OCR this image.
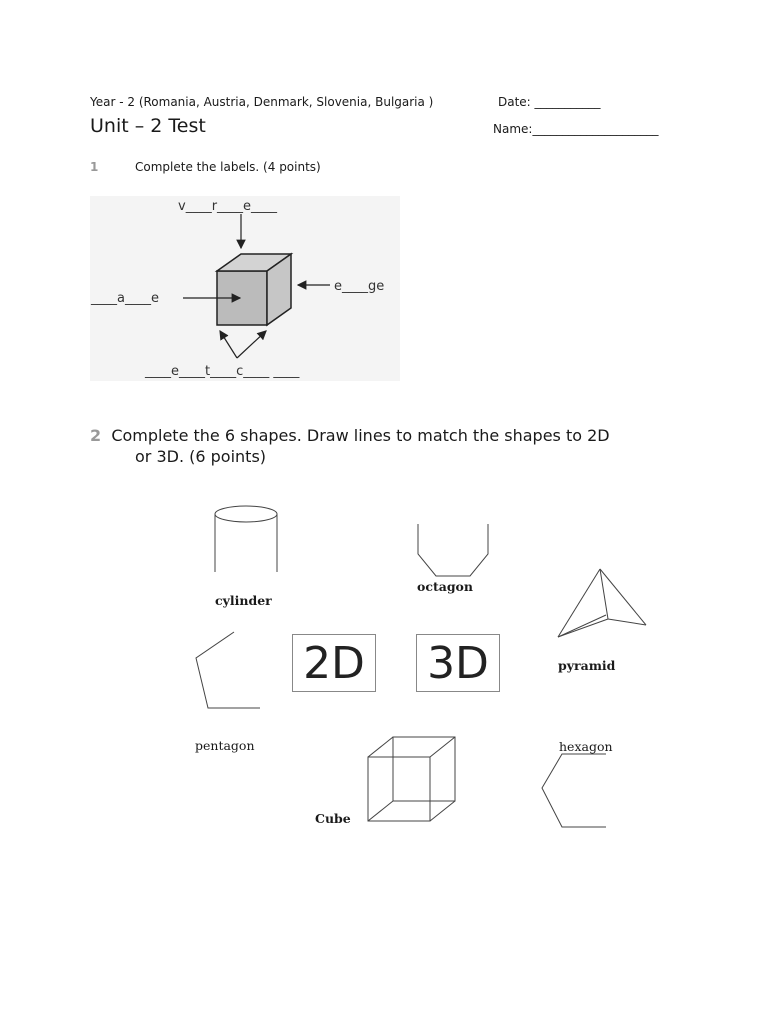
Year - 2 (Romania, Austria, Denmark, Slovenia, Bulgaria )	Date: ___________
Unit – 2 Test	Name:_____________________
1	Complete the labels. (4 points)
v____r____e____
e____ge
____a____e
____e____t____c____ ____
2 Complete the 6 shapes. Draw lines to match the shapes to 2D
or 3D. (6 points)
cylinder
octagon
pyramid
2D 3D
pentagon	hexagon
Cube
